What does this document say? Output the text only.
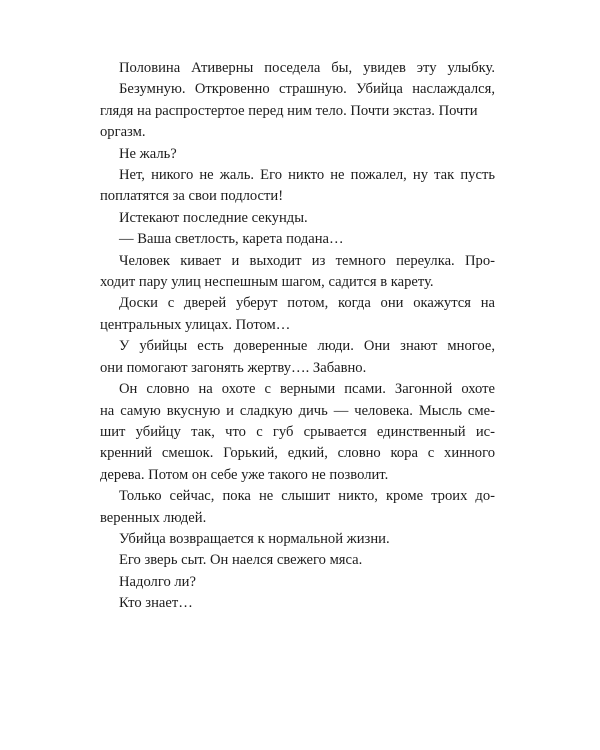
Половина Ативерны поседела бы, увидев эту улыбку.
Безумную. Откровенно страшную. Убийца наслаждался,
глядя на распростертое перед ним тело. Почти экстаз. Почти оргазм.

Не жаль?

Нет, никого не жаль. Его никто не пожалел, ну так пусть
поплатятся за свои подлости!

Истекают последние секунды.

— Ваша светлость, карета подана…

Человек кивает и выходит из темного переулка. Про-
ходит пару улиц неспешным шагом, садится в карету.

Доски с дверей уберут потом, когда они окажутся на
центральных улицах. Потом…

У убийцы есть доверенные люди. Они знают многое,
они помогают загонять жертву…. Забавно.

Он словно на охоте с верными псами. Загонной охоте
на самую вкусную и сладкую дичь — человека. Мысль сме-
шит убийцу так, что с губ срывается единственный ис-
кренний смешок. Горький, едкий, словно кора с хинного
дерева. Потом он себе уже такого не позволит.

Только сейчас, пока не слышит никто, кроме троих до-
веренных людей.

Убийца возвращается к нормальной жизни.

Его зверь сыт. Он наелся свежего мяса.

Надолго ли?

Кто знает…
